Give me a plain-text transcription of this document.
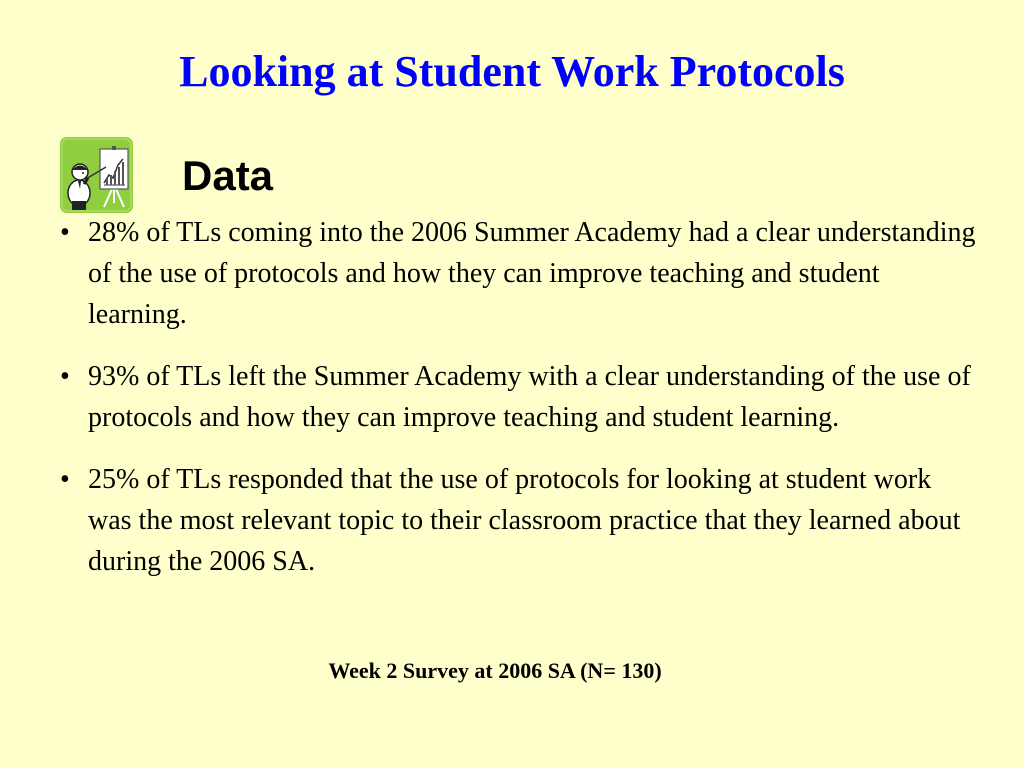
Looking at Student Work Protocols
Data
• 28% of TLs coming into the 2006 Summer Academy had a clear understanding of the use of protocols and how they can improve teaching and student learning.
• 93% of TLs left the Summer Academy with a clear understanding of the use of protocols and how they can improve teaching and student learning.
• 25% of TLs responded that the use of protocols for looking at student work was the most relevant topic to their classroom practice that they learned about during the 2006 SA.

Week 2 Survey at 2006 SA (N= 130)
